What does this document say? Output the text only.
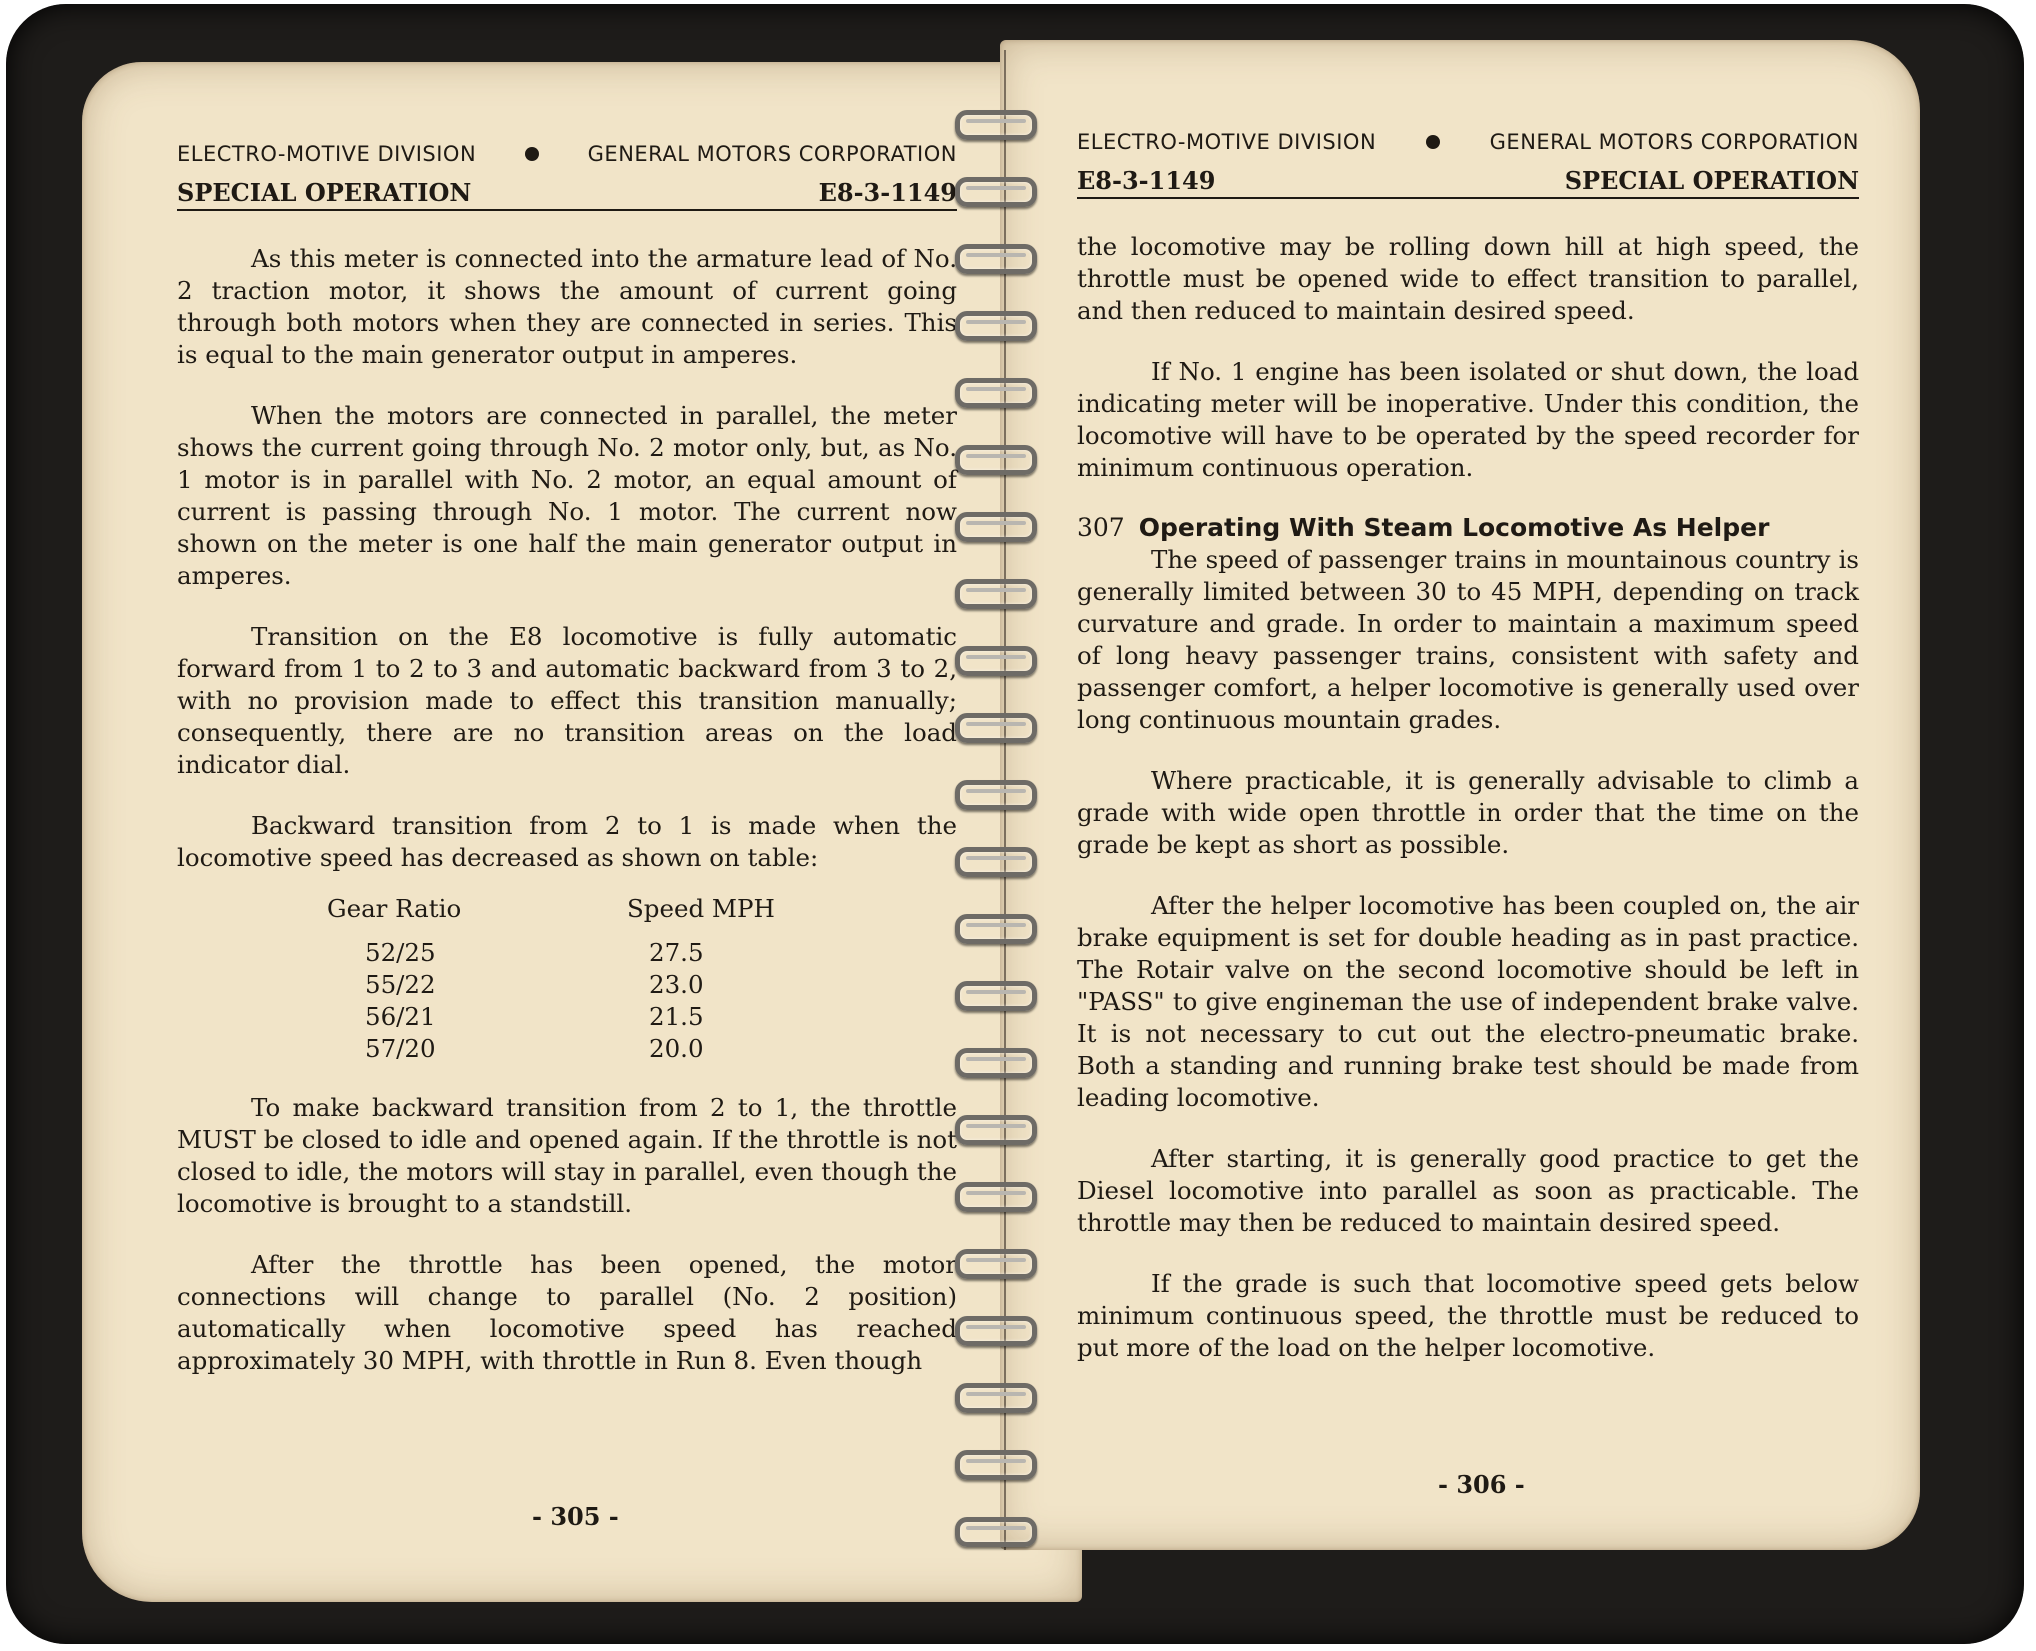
ELECTRO-MOTIVE DIVISION	GENERAL MOTORS CORPORATION
SPECIAL OPERATION	E8-3-1149

As this meter is connected into the armature lead of No. 2 traction motor, it shows the amount of current going through both motors when they are connected in series. This is equal to the main generator output in amperes.

When the motors are connected in parallel, the meter shows the current going through No. 2 motor only, but, as No. 1 motor is in parallel with No. 2 motor, an equal amount of current is passing through No. 1 motor. The current now shown on the meter is one half the main generator output in amperes.

Transition on the E8 locomotive is fully automatic forward from 1 to 2 to 3 and automatic backward from 3 to 2, with no provision made to effect this transition manually; consequently, there are no transition areas on the load indicator dial.

Backward transition from 2 to 1 is made when the locomotive speed has decreased as shown on table:

Gear Ratio	Speed MPH
52/25	27.5
55/22	23.0
56/21	21.5
57/20	20.0

To make backward transition from 2 to 1, the throttle MUST be closed to idle and opened again. If the throttle is not closed to idle, the motors will stay in parallel, even though the locomotive is brought to a standstill.

After the throttle has been opened, the motor connections will change to parallel (No. 2 position) automatically when locomotive speed has reached approximately 30 MPH, with throttle in Run 8. Even though

- 305 -
ELECTRO-MOTIVE DIVISION	GENERAL MOTORS CORPORATION
E8-3-1149	SPECIAL OPERATION

the locomotive may be rolling down hill at high speed, the throttle must be opened wide to effect transition to parallel, and then reduced to maintain desired speed.

If No. 1 engine has been isolated or shut down, the load indicating meter will be inoperative. Under this condition, the locomotive will have to be operated by the speed recorder for minimum continuous operation.

307 Operating With Steam Locomotive As Helper

The speed of passenger trains in mountainous country is generally limited between 30 to 45 MPH, depending on track curvature and grade. In order to maintain a maximum speed of long heavy passenger trains, consistent with safety and passenger comfort, a helper locomotive is generally used over long continuous mountain grades.

Where practicable, it is generally advisable to climb a grade with wide open throttle in order that the time on the grade be kept as short as possible.

After the helper locomotive has been coupled on, the air brake equipment is set for double heading as in past practice. The Rotair valve on the second locomotive should be left in "PASS" to give engineman the use of independent brake valve. It is not necessary to cut out the electro-pneumatic brake. Both a standing and running brake test should be made from leading locomotive.

After starting, it is generally good practice to get the Diesel locomotive into parallel as soon as practicable. The throttle may then be reduced to maintain desired speed.

If the grade is such that locomotive speed gets below minimum continuous speed, the throttle must be reduced to put more of the load on the helper locomotive.

- 306 -
